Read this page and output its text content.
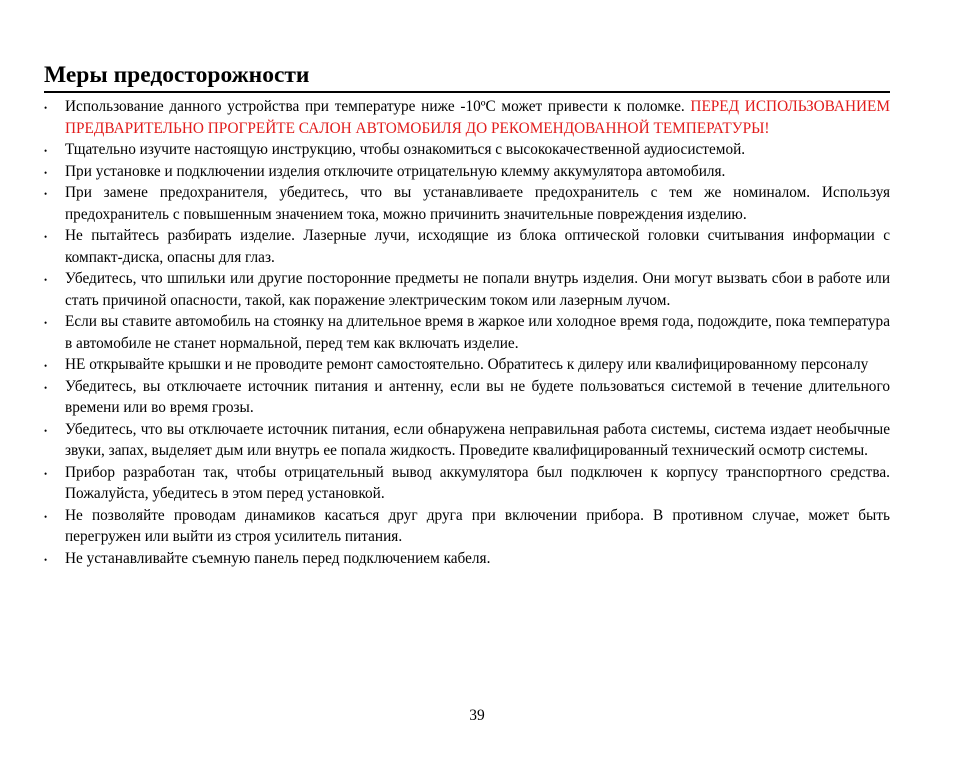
Меры предосторожности
• Использование данного устройства при температуре ниже -10ºС может привести к поломке. ПЕРЕД ИСПОЛЬЗОВАНИЕМ ПРЕДВАРИТЕЛЬНО ПРОГРЕЙТЕ САЛОН АВТОМОБИЛЯ ДО РЕКОМЕНДОВАННОЙ ТЕМПЕРАТУРЫ!
• Тщательно изучите настоящую инструкцию, чтобы ознакомиться с высококачественной аудиосистемой.
• При установке и подключении изделия отключите отрицательную клемму аккумулятора автомобиля.
• При замене предохранителя, убедитесь, что вы устанавливаете предохранитель с тем же номиналом. Используя предохранитель с повышенным значением тока, можно причинить значительные повреждения изделию.
• Не пытайтесь разбирать изделие. Лазерные лучи, исходящие из блока оптической головки считывания информации с компакт-диска, опасны для глаз.
• Убедитесь, что шпильки или другие посторонние предметы не попали внутрь изделия. Они могут вызвать сбои в работе или стать причиной опасности, такой, как поражение электрическим током или лазерным лучом.
• Если вы ставите автомобиль на стоянку на длительное время в жаркое или холодное время года, подождите, пока температура в автомобиле не станет нормальной, перед тем как включать изделие.
• НЕ открывайте крышки и не проводите ремонт самостоятельно. Обратитесь к дилеру или квалифицированному персоналу
• Убедитесь, вы отключаете источник питания и антенну, если вы не будете пользоваться системой в течение длительного времени или во время грозы.
• Убедитесь, что вы отключаете источник питания, если обнаружена неправильная работа системы, система издает необычные звуки, запах, выделяет дым или внутрь ее попала жидкость. Проведите квалифицированный технический осмотр системы.
• Прибор разработан так, чтобы отрицательный вывод аккумулятора был подключен к корпусу транспортного средства. Пожалуйста, убедитесь в этом перед установкой.
• Не позволяйте проводам динамиков касаться друг друга при включении прибора. В противном случае, может быть перегружен или выйти из строя усилитель питания.
• Не устанавливайте съемную панель перед подключением кабеля.
39
